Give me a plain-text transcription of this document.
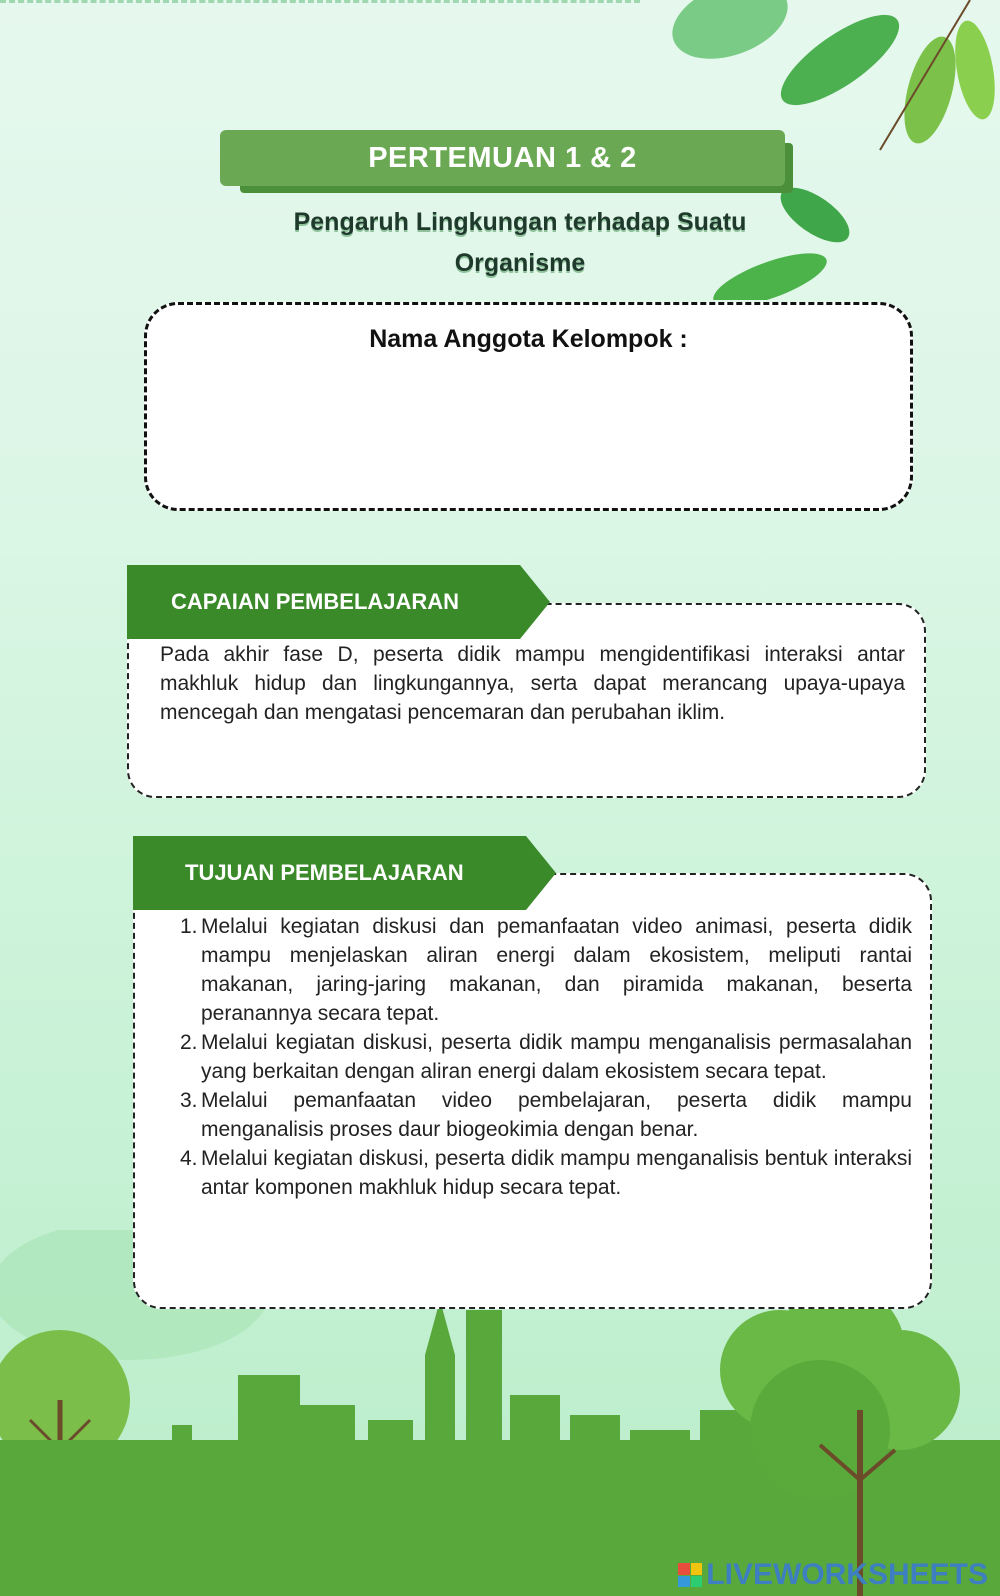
PERTEMUAN 1 & 2
Pengaruh Lingkungan terhadap Suatu
Organisme
Nama Anggota Kelompok :
CAPAIAN PEMBELAJARAN
Pada akhir fase D, peserta didik mampu mengidentifikasi interaksi antar makhluk hidup dan lingkungannya, serta dapat merancang upaya-upaya mencegah dan mengatasi pencemaran dan perubahan iklim.
TUJUAN PEMBELAJARAN
1. Melalui kegiatan diskusi dan pemanfaatan video animasi, peserta didik mampu menjelaskan aliran energi dalam ekosistem, meliputi rantai makanan, jaring-jaring makanan, dan piramida makanan, beserta peranannya secara tepat.
2. Melalui kegiatan diskusi, peserta didik mampu menganalisis permasalahan yang berkaitan dengan aliran energi dalam ekosistem secara tepat.
3. Melalui pemanfaatan video pembelajaran, peserta didik mampu menganalisis proses daur biogeokimia dengan benar.
4. Melalui kegiatan diskusi, peserta didik mampu menganalisis bentuk interaksi antar komponen makhluk hidup secara tepat.
LIVEWORKSHEETS
